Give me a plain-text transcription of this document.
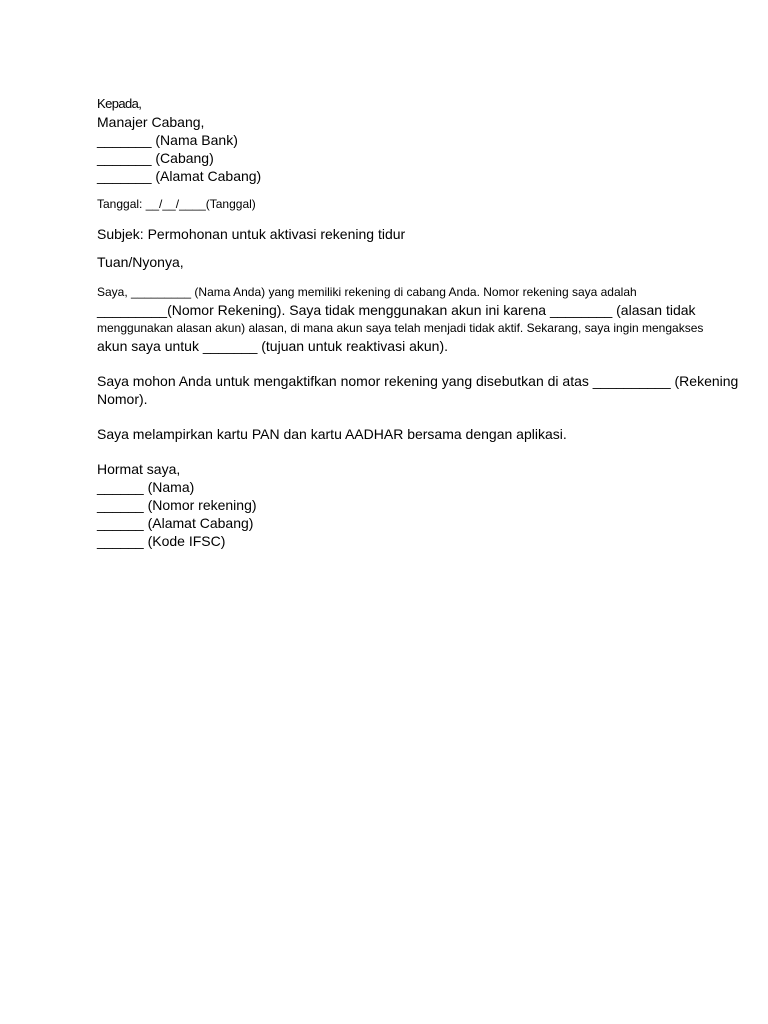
Kepada,
Manajer Cabang,
_______ (Nama Bank)
_______ (Cabang)
_______ (Alamat Cabang)
Tanggal: __/__/____(Tanggal)
Subjek: Permohonan untuk aktivasi rekening tidur
Tuan/Nyonya,
Saya, _________ (Nama Anda) yang memiliki rekening di cabang Anda. Nomor rekening saya adalah
_________(Nomor Rekening). Saya tidak menggunakan akun ini karena ________ (alasan tidak
menggunakan alasan akun) alasan, di mana akun saya telah menjadi tidak aktif. Sekarang, saya ingin mengakses
akun saya untuk _______ (tujuan untuk reaktivasi akun).
Saya mohon Anda untuk mengaktifkan nomor rekening yang disebutkan di atas __________ (Rekening
Nomor).
Saya melampirkan kartu PAN dan kartu AADHAR bersama dengan aplikasi.
Hormat saya,
______ (Nama)
______ (Nomor rekening)
______ (Alamat Cabang)
______ (Kode IFSC)
